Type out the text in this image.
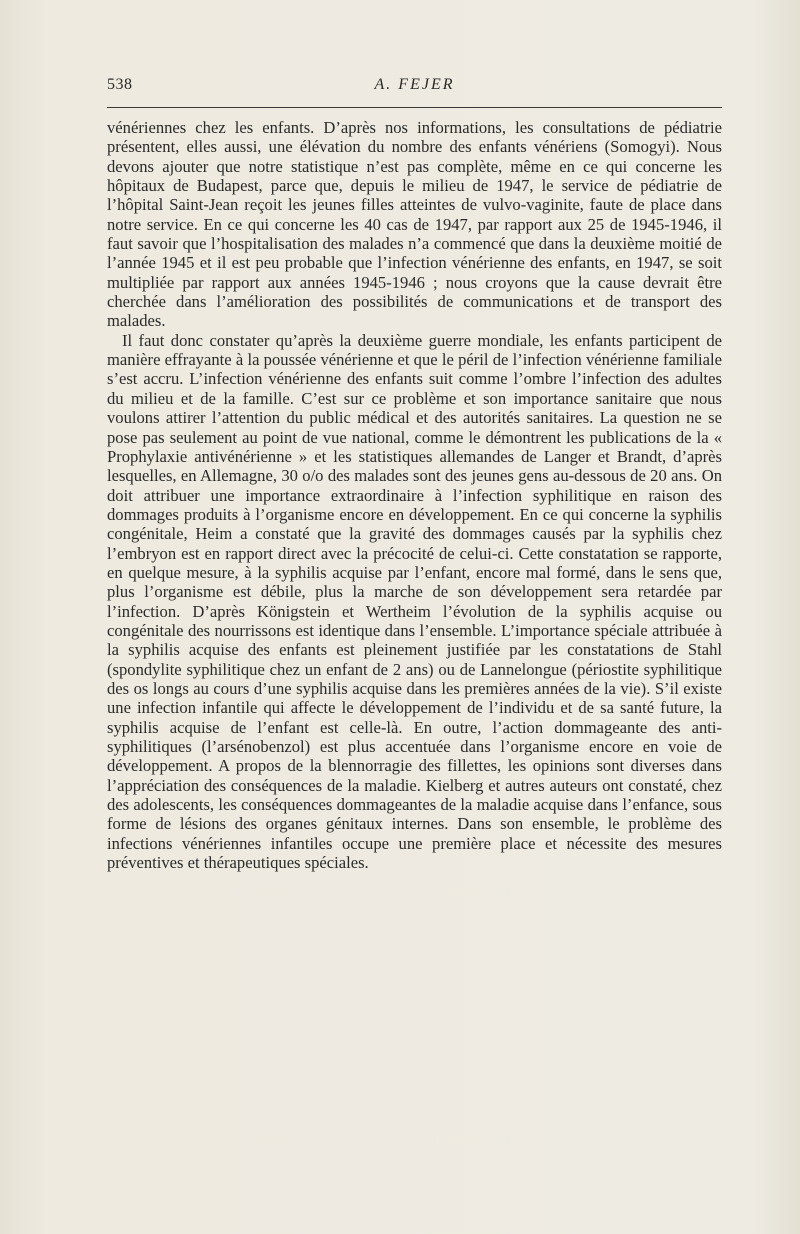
538	A. FEJER

vénériennes chez les enfants. D’après nos informations, les consultations de pédiatrie présentent, elles aussi, une élévation du nombre des enfants vénériens (Somogyi). Nous devons ajouter que notre statistique n’est pas complète, même en ce qui concerne les hôpitaux de Budapest, parce que, depuis le milieu de 1947, le service de pédiatrie de l’hôpital Saint-Jean reçoit les jeunes filles atteintes de vulvo-vaginite, faute de place dans notre service. En ce qui concerne les 40 cas de 1947, par rapport aux 25 de 1945-1946, il faut savoir que l’hospitalisation des malades n’a commencé que dans la deuxième moitié de l’année 1945 et il est peu probable que l’infection vénérienne des enfants, en 1947, se soit multipliée par rapport aux années 1945-1946 ; nous croyons que la cause devrait être cherchée dans l’amélioration des possibilités de communications et de transport des malades.

Il faut donc constater qu’après la deuxième guerre mondiale, les enfants participent de manière effrayante à la poussée vénérienne et que le péril de l’infection vénérienne familiale s’est accru. L’infection vénérienne des enfants suit comme l’ombre l’infection des adultes du milieu et de la famille. C’est sur ce problème et son importance sanitaire que nous voulons attirer l’attention du public médical et des autorités sanitaires. La question ne se pose pas seulement au point de vue national, comme le démontrent les publications de la « Prophylaxie antivénérienne » et les statistiques allemandes de Langer et Brandt, d’après lesquelles, en Allemagne, 30 o/o des malades sont des jeunes gens au-dessous de 20 ans. On doit attribuer une importance extraordinaire à l’infection syphilitique en raison des dommages produits à l’organisme encore en développement. En ce qui concerne la syphilis congénitale, Heim a constaté que la gravité des dommages causés par la syphilis chez l’embryon est en rapport direct avec la précocité de celui-ci. Cette constatation se rapporte, en quelque mesure, à la syphilis acquise par l’enfant, encore mal formé, dans le sens que, plus l’organisme est débile, plus la marche de son développement sera retardée par l’infection. D’après Königstein et Wertheim l’évolution de la syphilis acquise ou congénitale des nourrissons est identique dans l’ensemble. L’importance spéciale attribuée à la syphilis acquise des enfants est pleinement justifiée par les constatations de Stahl (spondylite syphilitique chez un enfant de 2 ans) ou de Lannelongue (périostite syphilitique des os longs au cours d’une syphilis acquise dans les premières années de la vie). S’il existe une infection infantile qui affecte le développement de l’individu et de sa santé future, la syphilis acquise de l’enfant est celle-là. En outre, l’action dommageante des anti-syphilitiques (l’arsénobenzol) est plus accentuée dans l’organisme encore en voie de développement. A propos de la blennorragie des fillettes, les opinions sont diverses dans l’appréciation des conséquences de la maladie. Kielberg et autres auteurs ont constaté, chez des adolescents, les conséquences dommageantes de la maladie acquise dans l’enfance, sous forme de lésions des organes génitaux internes. Dans son ensemble, le problème des infections vénériennes infantiles occupe une première place et nécessite des mesures préventives et thérapeutiques spéciales.
